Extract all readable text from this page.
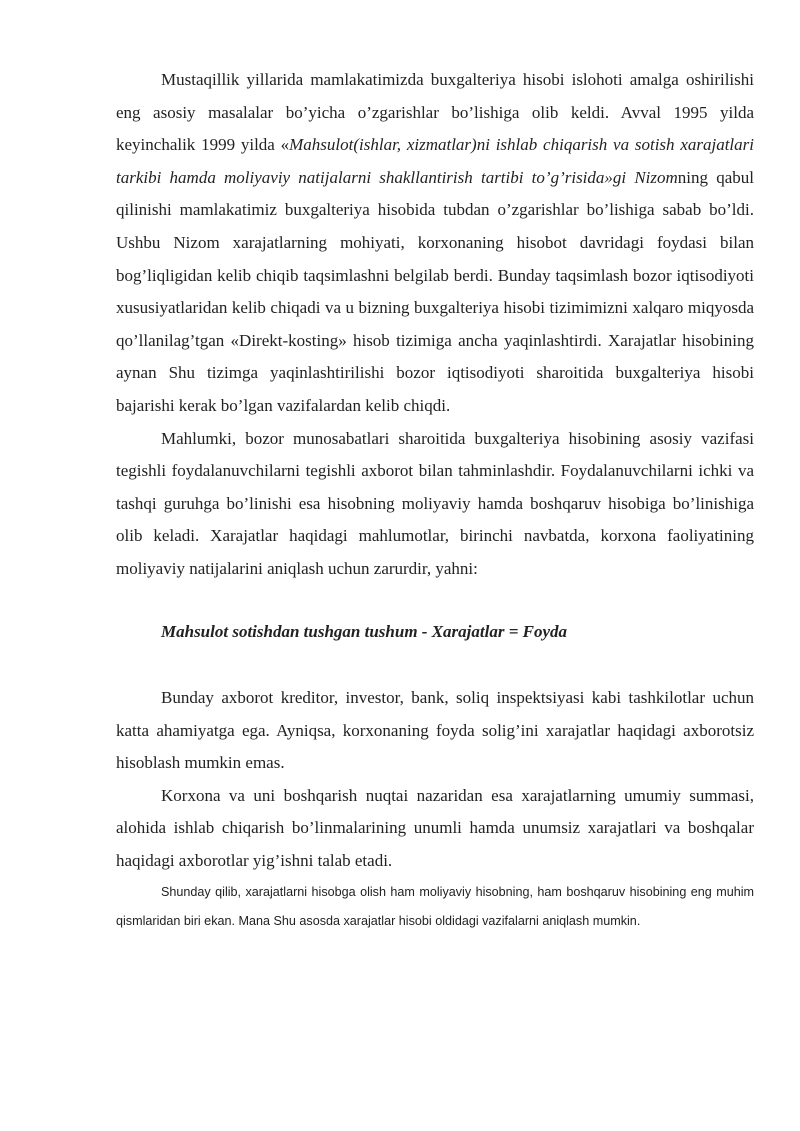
Mustaqillik yillarida mamlakatimizda buxgalteriya hisobi islohoti amalga oshirilishi eng asosiy masalalar bo’yicha o’zgarishlar bo’lishiga olib keldi. Avval 1995 yilda keyinchalik 1999 yilda «Mahsulot(ishlar, xizmatlar)ni ishlab chiqarish va sotish xarajatlari tarkibi hamda moliyaviy natijalarni shakllantirish tartibi to’g’risida»gi Nizomning qabul qilinishi mamlakatimiz buxgalteriya hisobida tubdan o’zgarishlar bo’lishiga sabab bo’ldi. Ushbu Nizom xarajatlarning mohiyati, korxonaning hisobot davridagi foydasi bilan bog’liqligidan kelib chiqib taqsimlashni belgilab berdi. Bunday taqsimlash bozor iqtisodiyoti xususiyatlaridan kelib chiqadi va u bizning buxgalteriya hisobi tizimimizni xalqaro miqyosda qo’llanilag’tgan «Direkt-kosting» hisob tizimiga ancha yaqinlashtirdi. Xarajatlar hisobining aynan Shu tizimga yaqinlashtirilishi bozor iqtisodiyoti sharoitida buxgalteriya hisobi bajarishi kerak bo’lgan vazifalardan kelib chiqdi.

Mahlumki, bozor munosabatlari sharoitida buxgalteriya hisobining asosiy vazifasi tegishli foydalanuvchilarni tegishli axborot bilan tahminlashdir. Foydalanuvchilarni ichki va tashqi guruhga bo’linishi esa hisobning moliyaviy hamda boshqaruv hisobiga bo’linishiga olib keladi. Xarajatlar haqidagi mahlumotlar, birinchi navbatda, korxona faoliyatining moliyaviy natijalarini aniqlash uchun zarurdir, yahni:

Mahsulot sotishdan tushgan tushum - Xarajatlar = Foyda

Bunday axborot kreditor, investor, bank, soliq inspektsiyasi kabi tashkilotlar uchun katta ahamiyatga ega. Ayniqsa, korxonaning foyda solig’ini xarajatlar haqidagi axborotsiz hisoblash mumkin emas.

Korxona va uni boshqarish nuqtai nazaridan esa xarajatlarning umumiy summasi, alohida ishlab chiqarish bo’linmalarining unumli hamda unumsiz xarajatlari va boshqalar haqidagi axborotlar yig’ishni talab etadi.

Shunday qilib, xarajatlarni hisobga olish ham moliyaviy hisobning, ham boshqaruv hisobining eng muhim qismlaridan biri ekan. Mana Shu asosda xarajatlar hisobi oldidagi vazifalarni aniqlash mumkin.
